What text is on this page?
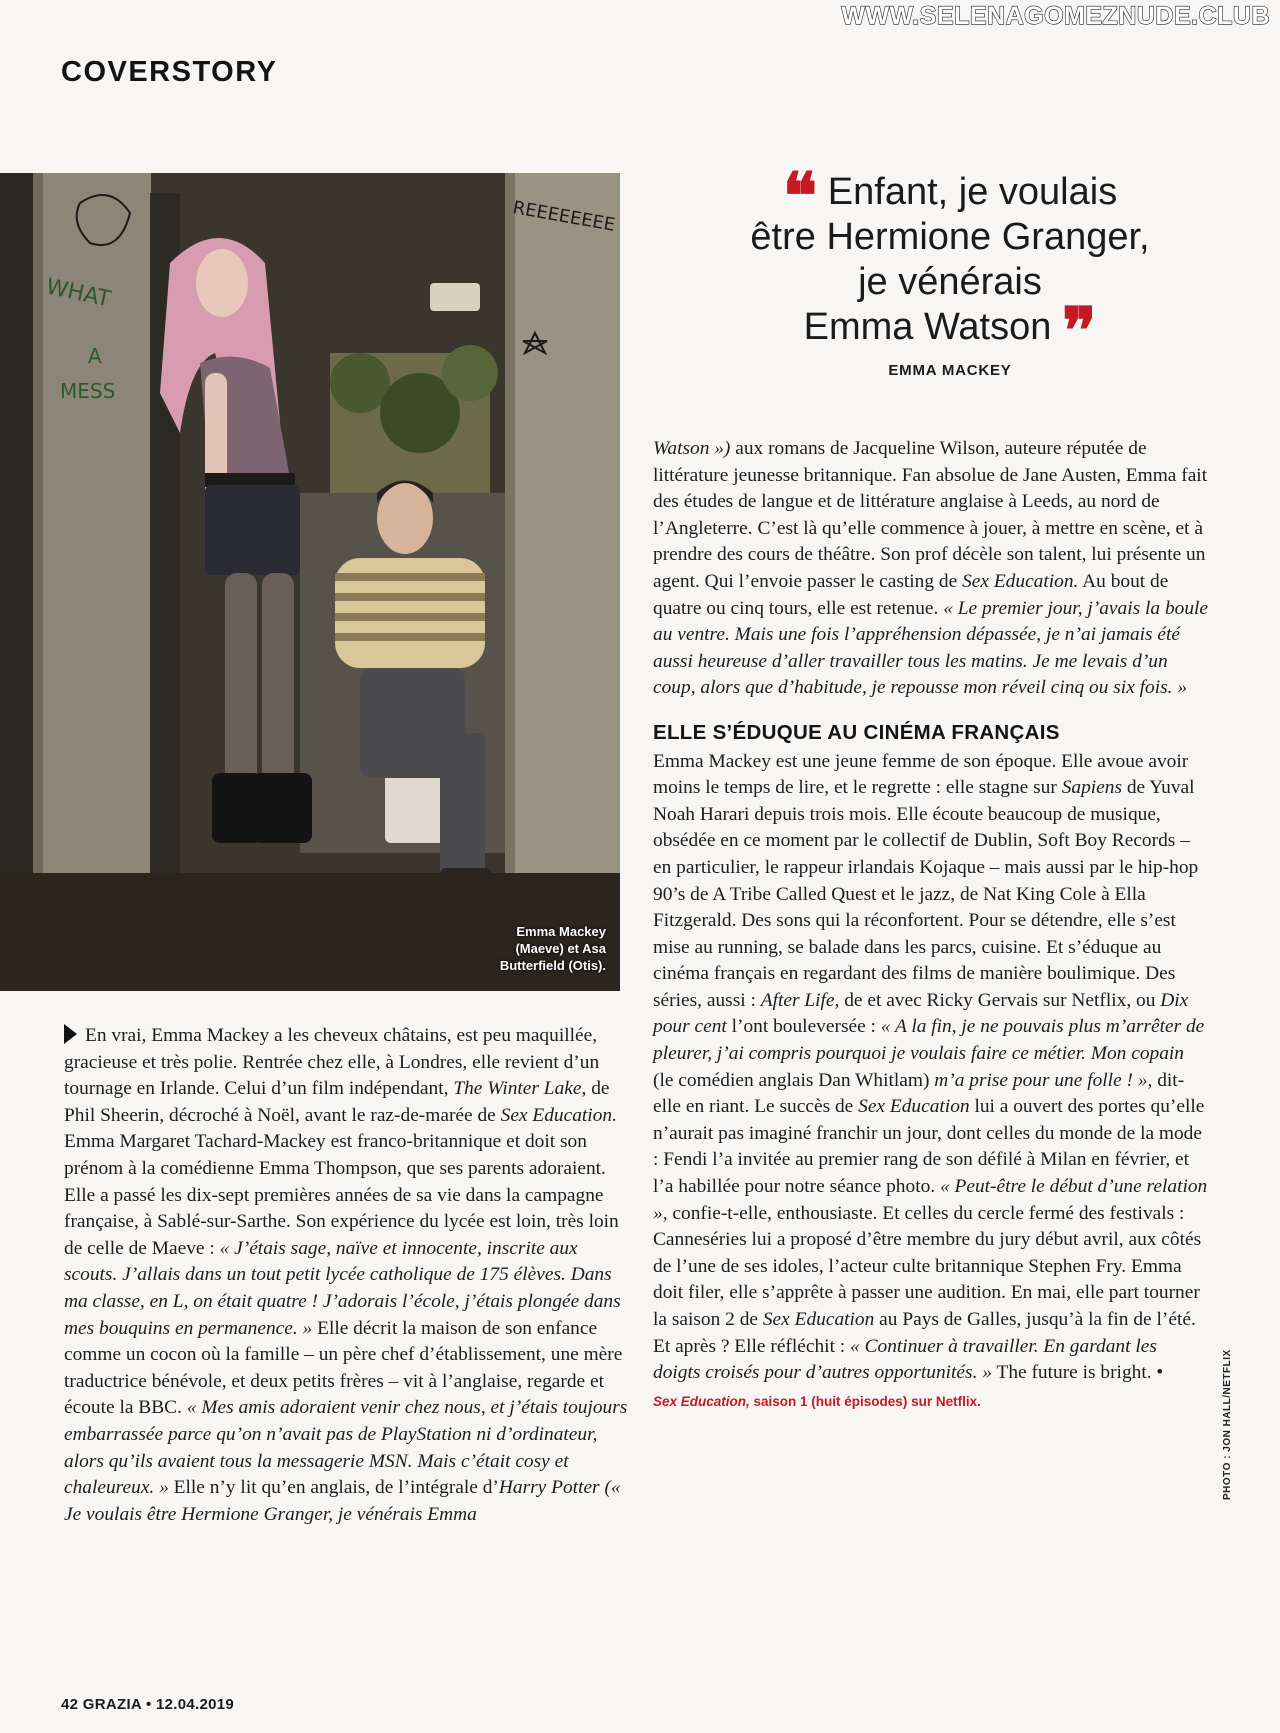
WWW.SELENAGOMEZNUDE.CLUB
COVERSTORY
WHAT
A
MESS
REEEEEEEE
Emma Mackey
(Maeve) et Asa
Butterfield (Otis).
❝ Enfant, je voulais
être Hermione Granger,
je vénérais
Emma Watson ❞
EMMA MACKEY

En vrai, Emma Mackey a les cheveux châtains, est peu maquillée, gracieuse et très polie. Rentrée chez elle, à Londres, elle revient d’un tournage en Irlande. Celui d’un film indépendant, The Winter Lake, de Phil Sheerin, décroché à Noël, avant le raz-de-marée de Sex Education. Emma Margaret Tachard-Mackey est franco-britannique et doit son prénom à la comédienne Emma Thompson, que ses parents adoraient. Elle a passé les dix-sept premières années de sa vie dans la campagne française, à Sablé-sur-Sarthe. Son expérience du lycée est loin, très loin de celle de Maeve : « J’étais sage, naïve et innocente, inscrite aux scouts. J’allais dans un tout petit lycée catholique de 175 élèves. Dans ma classe, en L, on était quatre ! J’adorais l’école, j’étais plongée dans mes bouquins en permanence. » Elle décrit la maison de son enfance comme un cocon où la famille – un père chef d’établissement, une mère traductrice bénévole, et deux petits frères – vit à l’anglaise, regarde et écoute la BBC. « Mes amis adoraient venir chez nous, et j’étais toujours embarrassée parce qu’on n’avait pas de PlayStation ni d’ordinateur, alors qu’ils avaient tous la messagerie MSN. Mais c’était cosy et chaleureux. » Elle n’y lit qu’en anglais, de l’intégrale d’Harry Potter (« Je voulais être Hermione Granger, je vénérais Emma

Watson ») aux romans de Jacqueline Wilson, auteure réputée de littérature jeunesse britannique. Fan absolue de Jane Austen, Emma fait des études de langue et de littérature anglaise à Leeds, au nord de l’Angleterre. C’est là qu’elle commence à jouer, à mettre en scène, et à prendre des cours de théâtre. Son prof décèle son talent, lui présente un agent. Qui l’envoie passer le casting de Sex Education. Au bout de quatre ou cinq tours, elle est retenue. « Le premier jour, j’avais la boule au ventre. Mais une fois l’appréhension dépassée, je n’ai jamais été aussi heureuse d’aller travailler tous les matins. Je me levais d’un coup, alors que d’habitude, je repousse mon réveil cinq ou six fois. »

ELLE S’ÉDUQUE AU CINÉMA FRANÇAIS

Emma Mackey est une jeune femme de son époque. Elle avoue avoir moins le temps de lire, et le regrette : elle stagne sur Sapiens de Yuval Noah Harari depuis trois mois. Elle écoute beaucoup de musique, obsédée en ce moment par le collectif de Dublin, Soft Boy Records – en particulier, le rappeur irlandais Kojaque – mais aussi par le hip-hop 90’s de A Tribe Called Quest et le jazz, de Nat King Cole à Ella Fitzgerald. Des sons qui la réconfortent. Pour se détendre, elle s’est mise au running, se balade dans les parcs, cuisine. Et s’éduque au cinéma français en regardant des films de manière boulimique. Des séries, aussi : After Life, de et avec Ricky Gervais sur Netflix, ou Dix pour cent l’ont bouleversée : « A la fin, je ne pouvais plus m’arrêter de pleurer, j’ai compris pourquoi je voulais faire ce métier. Mon copain (le comédien anglais Dan Whitlam) m’a prise pour une folle ! », dit-elle en riant. Le succès de Sex Education lui a ouvert des portes qu’elle n’aurait pas imaginé franchir un jour, dont celles du monde de la mode : Fendi l’a invitée au premier rang de son défilé à Milan en février, et l’a habillée pour notre séance photo. « Peut-être le début d’une relation », confie-t-elle, enthousiaste. Et celles du cercle fermé des festivals : Canneséries lui a proposé d’être membre du jury début avril, aux côtés de l’une de ses idoles, l’acteur culte britannique Stephen Fry. Emma doit filer, elle s’apprête à passer une audition. En mai, elle part tourner la saison 2 de Sex Education au Pays de Galles, jusqu’à la fin de l’été. Et après ? Elle réfléchit : « Continuer à travailler. En gardant les doigts croisés pour d’autres opportunités. » The future is bright. •

Sex Education, saison 1 (huit épisodes) sur Netflix.	PHOTO : JON HALL/NETFLIX
42 GRAZIA • 12.04.2019
